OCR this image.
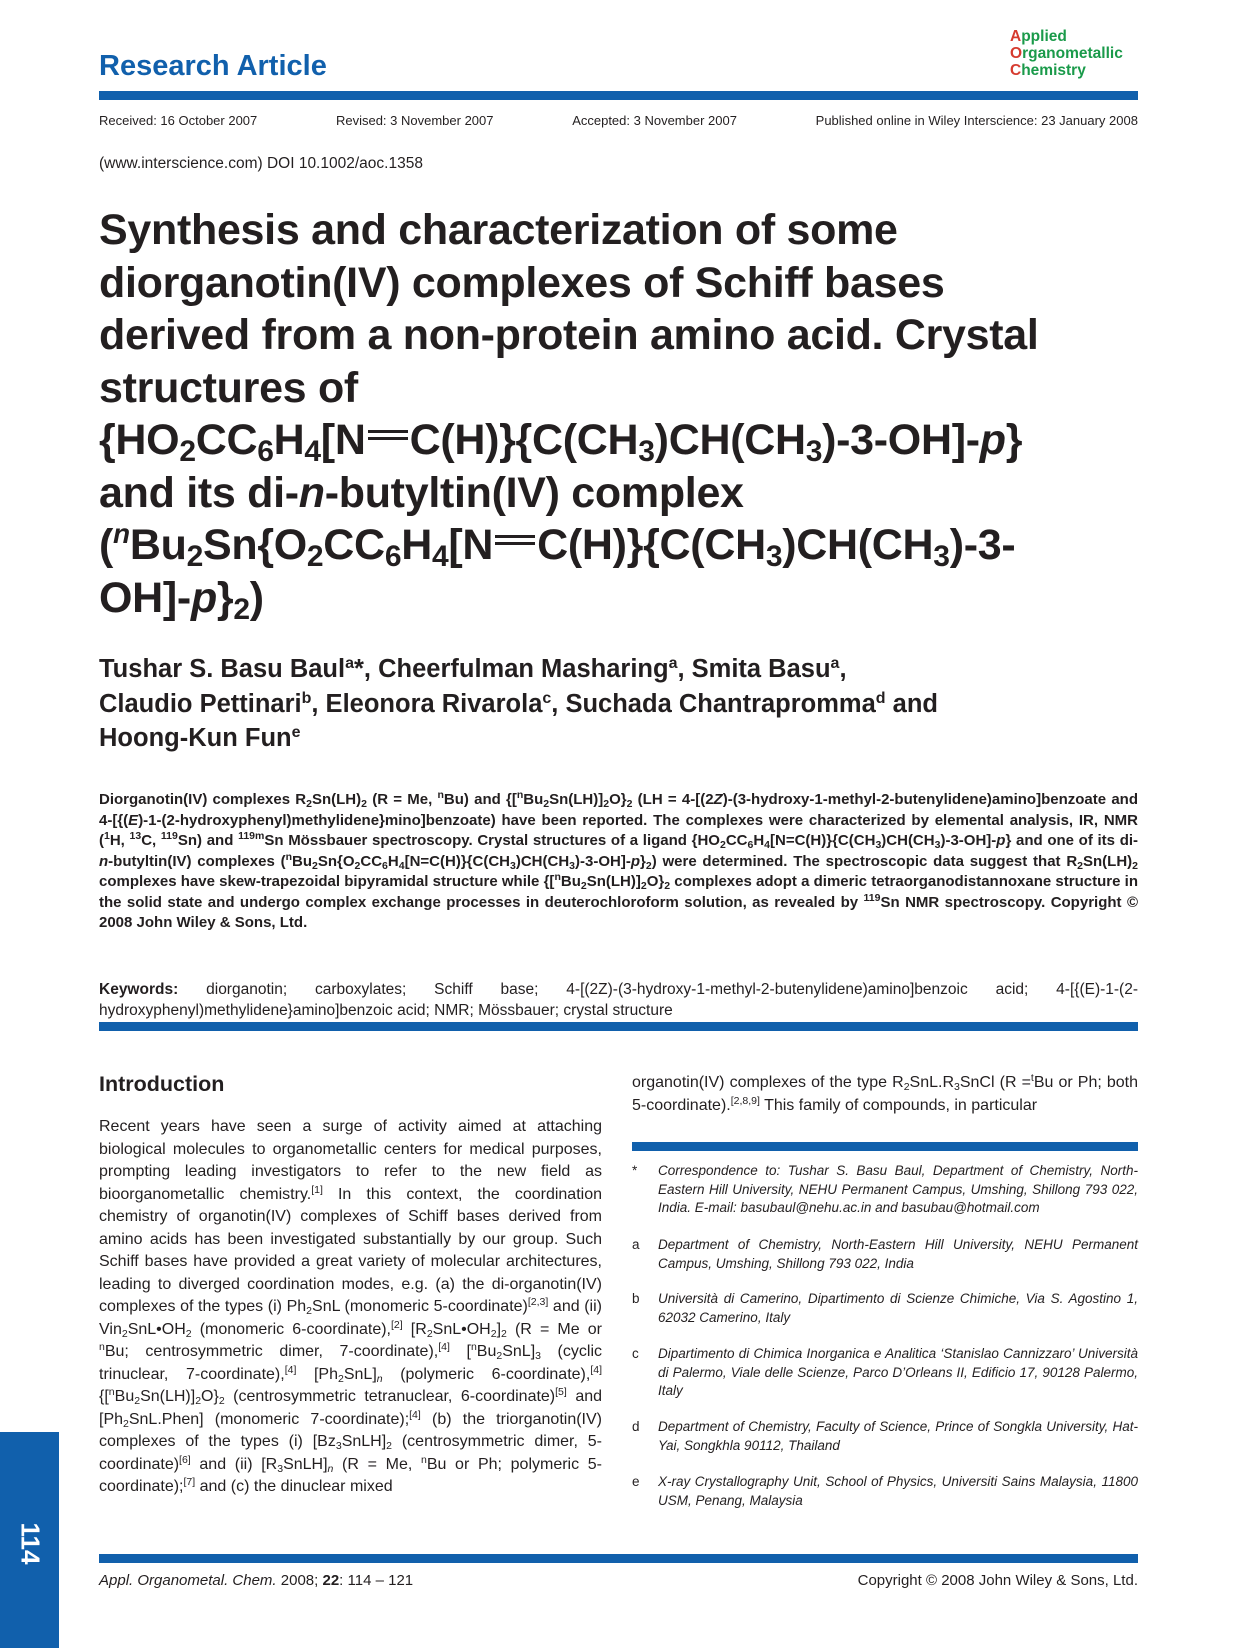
Research Article
Applied
Organometallic
Chemistry
Received: 16 October 2007	Revised: 3 November 2007	Accepted: 3 November 2007	Published online in Wiley Interscience: 23 January 2008
(www.interscience.com) DOI 10.1002/aoc.1358
Synthesis and characterization of some
diorganotin(IV) complexes of Schiff bases
derived from a non-protein amino acid. Crystal
structures of
{$HO_2CC_6H_4[N$ $C(H)\}\{C(CH_3)CH(CH_3)-3-OH]-p$}
and its di-n-butyltin(IV) complex
($^nBu_2Sn\{O_2CC_6H_4[N$ $C(H)\}\{C(CH_3)CH(CH_3)-3-$
$OH]-p\}_2$)
Tushar S. Basu Baul$^a$*, Cheerfulman Masharing$^a$, Smita Basu$^a$,
Claudio Pettinari$^b$, Eleonora Rivarola$^c$, Suchada Chantrapromma$^d$ and
Hoong-Kun Fun$^e$
Diorganotin(IV) complexes $R_2Sn(LH)_2$ (R = Me, $^n$Bu) and $\{[^nBu_2Sn(LH)]_2O\}_2$ (LH = 4-[(2Z)-(3-hydroxy-1-methyl-2-butenylidene)amino]benzoate and 4-[{(E)-1-(2-hydroxyphenyl)methylidene}mino]benzoate) have been reported. The complexes were characterized by elemental analysis, IR, NMR ($^1$H, $^{13}$C, $^{119}$Sn) and $^{119m}$Sn Mössbauer spectroscopy. Crystal structures of a ligand $\{HO_2CC_6H_4[N=C(H)\}\{C(CH_3)CH(CH_3)-3-OH]-p\}$ and one of its di-n-butyltin(IV) complexes $(^nBu_2Sn\{O_2CC_6H_4[N=C(H)\}\{C(CH_3)CH(CH_3)-3-OH]-p\}_2)$ were determined. The spectroscopic data suggest that $R_2Sn(LH)_2$ complexes have skew-trapezoidal bipyramidal structure while $\{[^nBu_2Sn(LH)]_2O\}_2$ complexes adopt a dimeric tetraorganodistannoxane structure in the solid state and undergo complex exchange processes in deuterochloroform solution, as revealed by $^{119}$Sn NMR spectroscopy. Copyright © 2008 John Wiley & Sons, Ltd.
Keywords: diorganotin; carboxylates; Schiff base; 4-[(2Z)-(3-hydroxy-1-methyl-2-butenylidene)amino]benzoic acid; 4-[{(E)-1-(2-hydroxyphenyl)methylidene}amino]benzoic acid; NMR; Mössbauer; crystal structure
Introduction
Recent years have seen a surge of activity aimed at attaching biological molecules to organometallic centers for medical purposes, prompting leading investigators to refer to the new field as bioorganometallic chemistry.[1] In this context, the coordination chemistry of organotin(IV) complexes of Schiff bases derived from amino acids has been investigated substantially by our group. Such Schiff bases have provided a great variety of molecular architectures, leading to diverged coordination modes, e.g. (a) the di-organotin(IV) complexes of the types (i) $Ph_2SnL$ (monomeric 5-coordinate)[2,3] and (ii) $Vin_2SnL•OH_2$ (monomeric 6-coordinate),[2] $[R_2SnL•OH_2]_2$ (R = Me or $^n$Bu; centrosymmetric dimer, 7-coordinate),[4] $[^nBu_2SnL]_3$ (cyclic trinuclear, 7-coordinate),[4] $[Ph_2SnL]_n$ (polymeric 6-coordinate),[4] $\{[^nBu_2Sn(LH)]_2O\}_2$ (centrosymmetric tetranuclear, 6-coordinate)[5] and $[Ph_2SnL.Phen]$ (monomeric 7-coordinate);[4] (b) the triorganotin(IV) complexes of the types (i) $[Bz_3SnLH]_2$ (centrosymmetric dimer, 5-coordinate)[6] and (ii) $[R_3SnLH]_n$ (R = Me, $^n$Bu or Ph; polymeric 5-coordinate);[7] and (c) the dinuclear mixed
organotin(IV) complexes of the type $R_2SnL.R_3SnCl$ (R =$^t$Bu or Ph; both 5-coordinate).[2,8,9] This family of compounds, in particular
* Correspondence to: Tushar S. Basu Baul, Department of Chemistry, North-Eastern Hill University, NEHU Permanent Campus, Umshing, Shillong 793 022, India. E-mail: basubaul@nehu.ac.in and basubau@hotmail.com
a Department of Chemistry, North-Eastern Hill University, NEHU Permanent Campus, Umshing, Shillong 793 022, India
b Università di Camerino, Dipartimento di Scienze Chimiche, Via S. Agostino 1, 62032 Camerino, Italy
c Dipartimento di Chimica Inorganica e Analitica ‘Stanislao Cannizzaro’ Università di Palermo, Viale delle Scienze, Parco D’Orleans II, Edificio 17, 90128 Palermo, Italy
d Department of Chemistry, Faculty of Science, Prince of Songkla University, Hat-Yai, Songkhla 90112, Thailand
e X-ray Crystallography Unit, School of Physics, Universiti Sains Malaysia, 11800 USM, Penang, Malaysia
114
Appl. Organometal. Chem. 2008; 22: 114 – 121	Copyright © 2008 John Wiley & Sons, Ltd.
